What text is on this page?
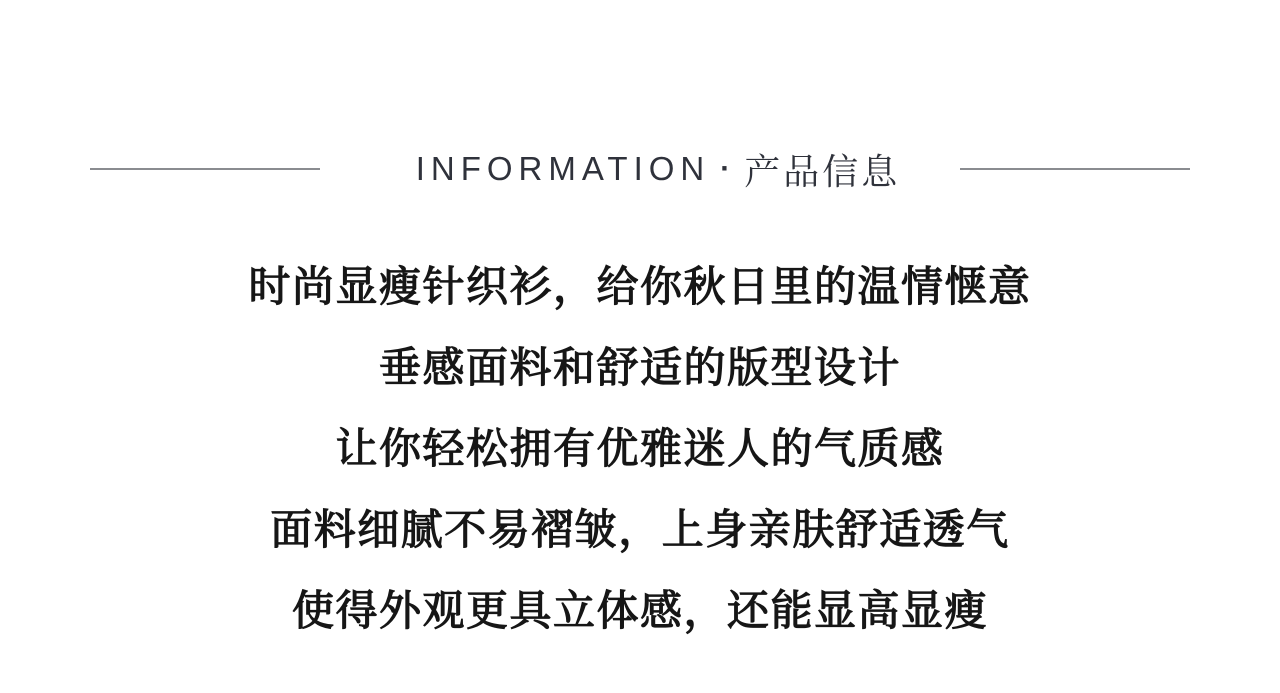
INFORMATION · 产品信息

时尚显瘦针织衫，给你秋日里的温情惬意

垂感面料和舒适的版型设计

让你轻松拥有优雅迷人的气质感

面料细腻不易褶皱，上身亲肤舒适透气

使得外观更具立体感，还能显高显瘦
